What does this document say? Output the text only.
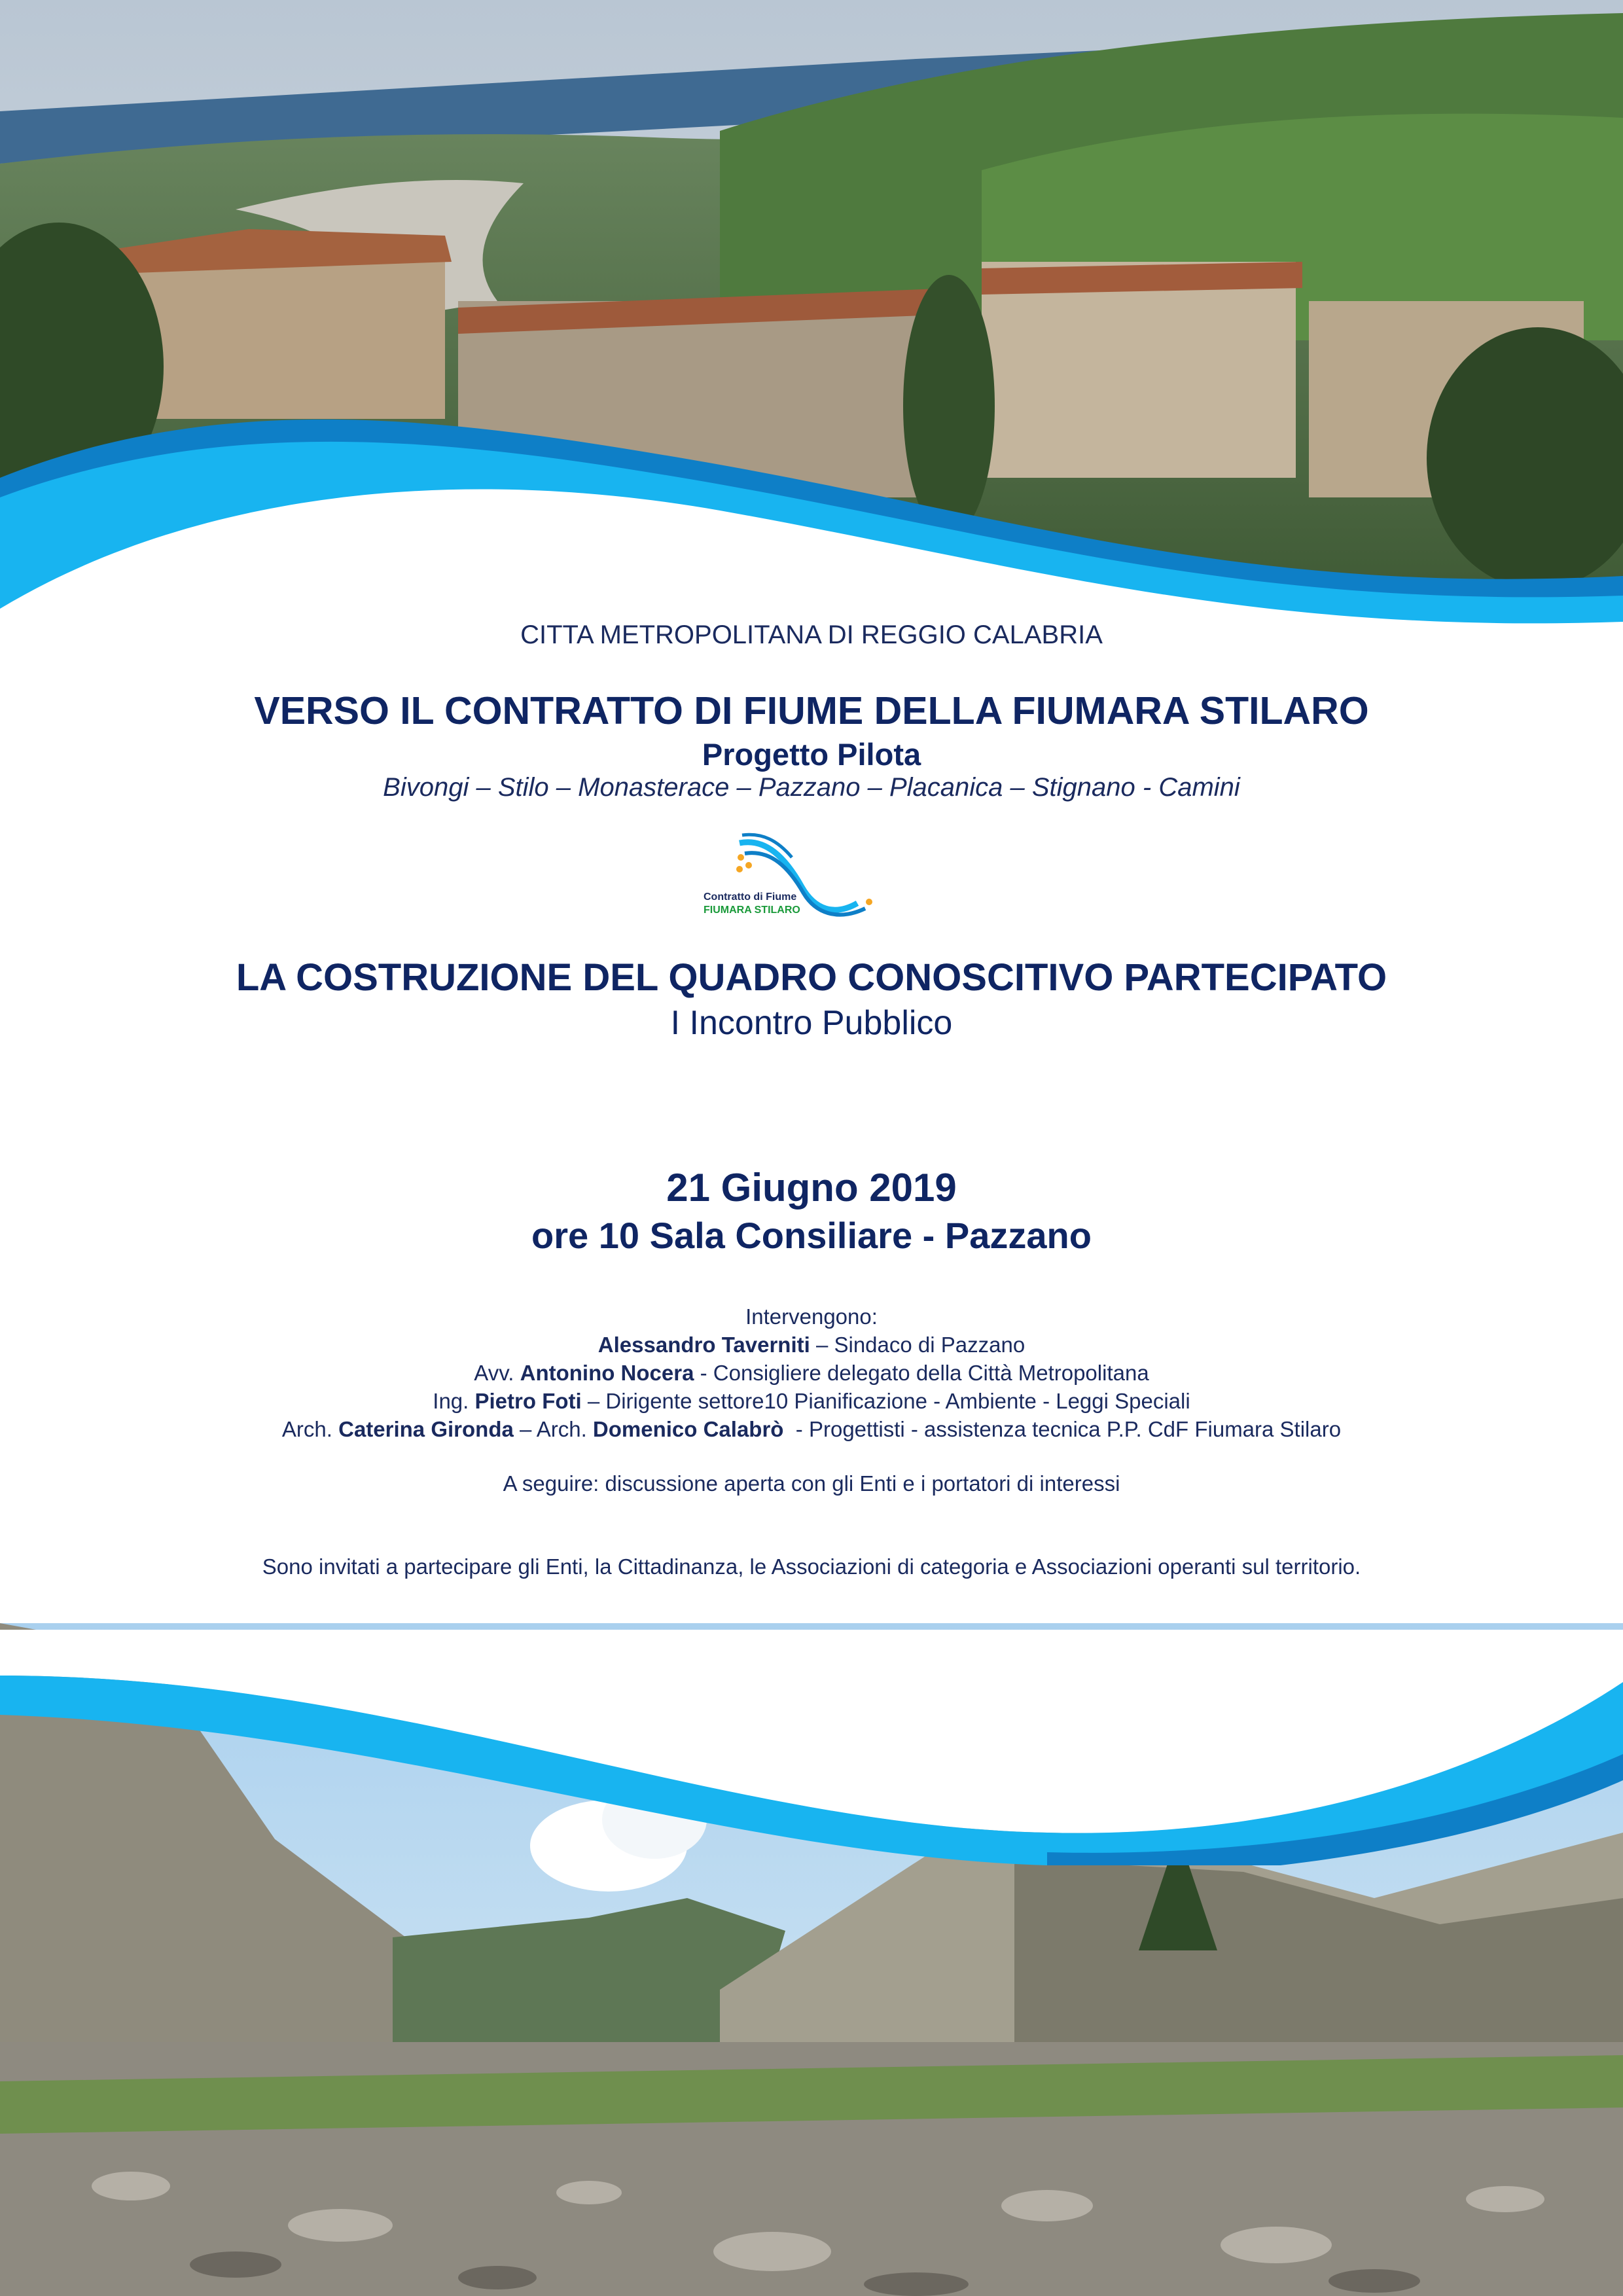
CITTA METROPOLITANA DI REGGIO CALABRIA
VERSO IL CONTRATTO DI FIUME DELLA FIUMARA STILARO
Progetto Pilota
Bivongi – Stilo – Monasterace – Pazzano – Placanica – Stignano - Camini
Contratto di Fiume
FIUMARA STILARO
LA COSTRUZIONE DEL QUADRO CONOSCITIVO PARTECIPATO
I Incontro Pubblico
21 Giugno 2019
ore 10 Sala Consiliare - Pazzano
Intervengono:
Alessandro Taverniti – Sindaco di Pazzano
Avv. Antonino Nocera - Consigliere delegato della Città Metropolitana
Ing. Pietro Foti – Dirigente settore10 Pianificazione - Ambiente - Leggi Speciali
Arch. Caterina Gironda – Arch. Domenico Calabrò  - Progettisti - assistenza tecnica P.P. CdF Fiumara Stilaro
A seguire: discussione aperta con gli Enti e i portatori di interessi
Sono invitati a partecipare gli Enti, la Cittadinanza, le Associazioni di categoria e Associazioni operanti sul territorio.
